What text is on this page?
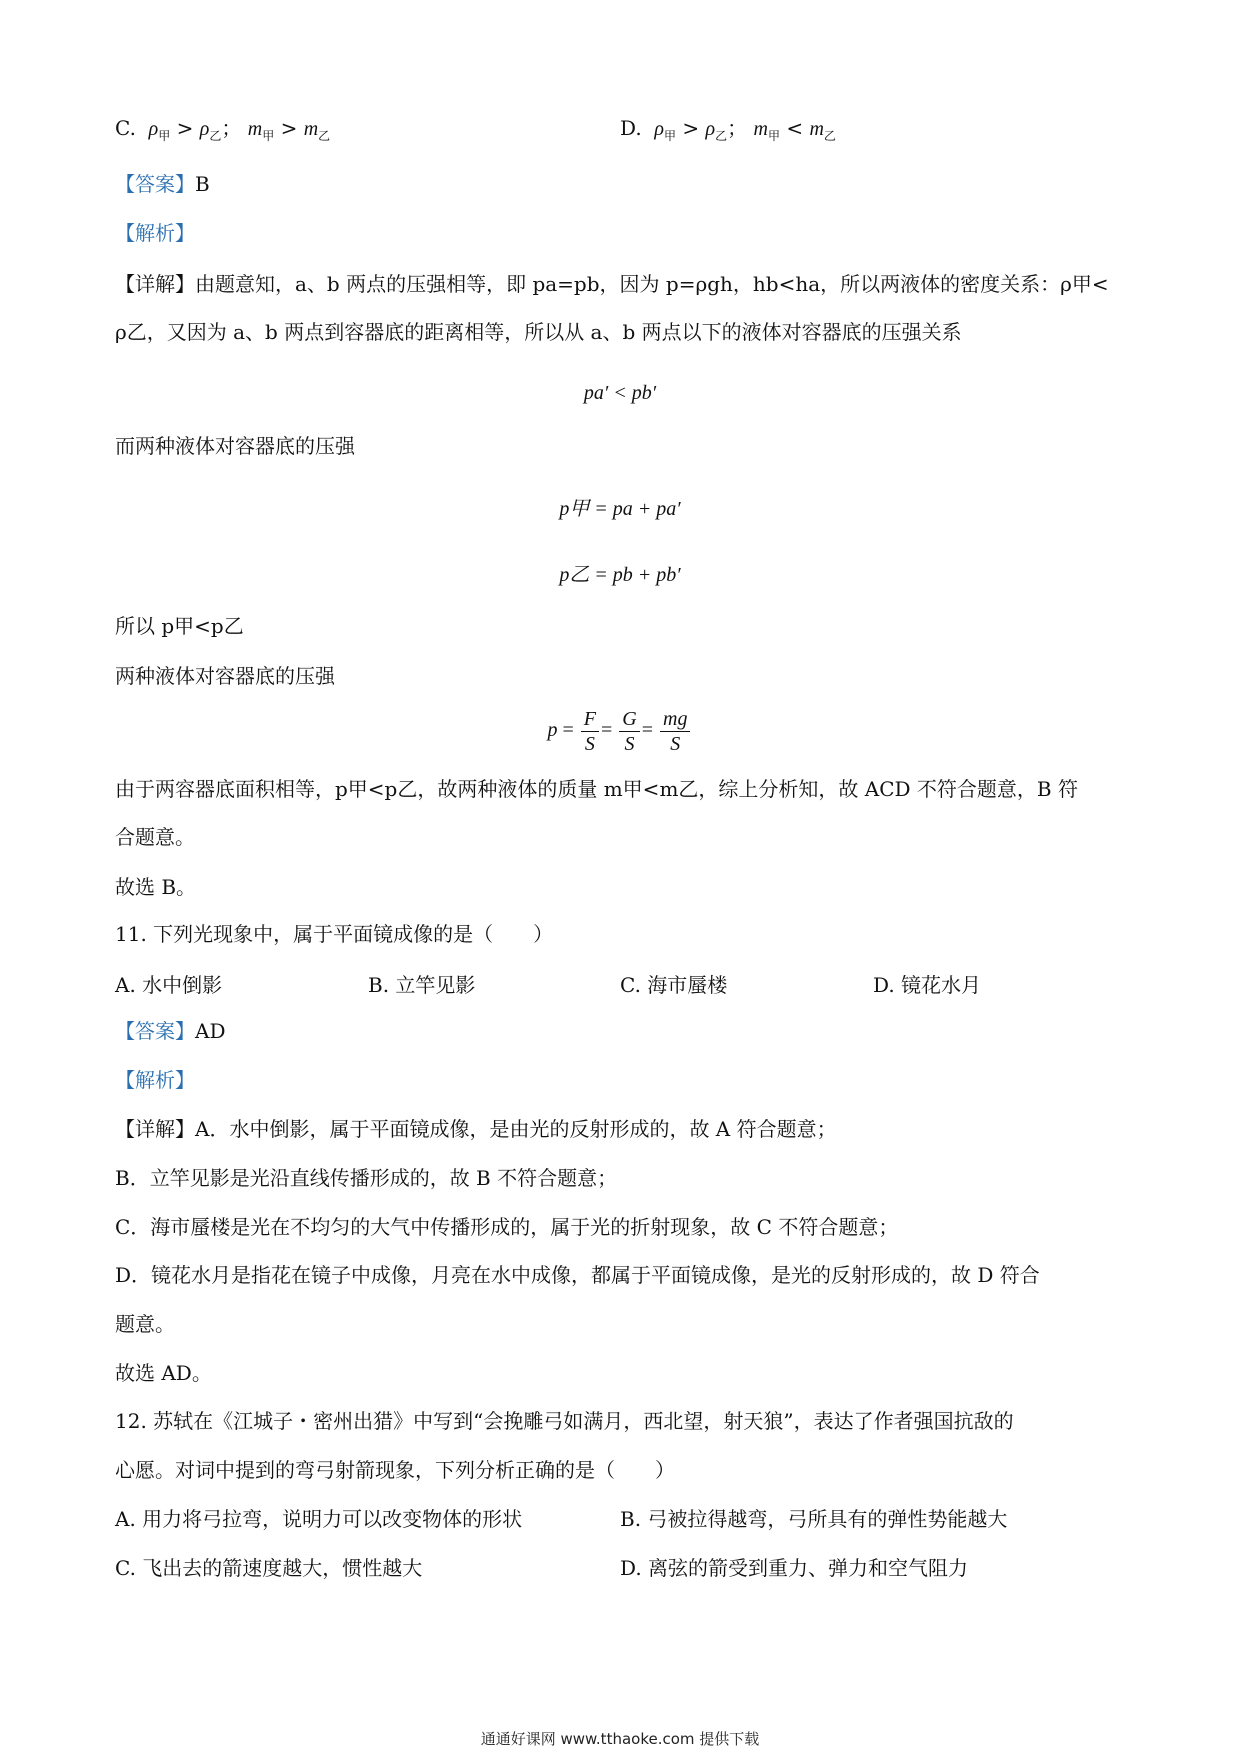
C. $\rho_甲 > \rho_乙$； $m_甲 > m_乙$	D. $\rho_甲 > \rho_乙$； $m_甲 < m_乙$
【答案】B
【解析】
【详解】由题意知，a、b 两点的压强相等，即 pa=pb，因为 p=ρgh，hb<ha，所以两液体的密度关系：ρ甲<
ρ乙，又因为 a、b 两点到容器底的距离相等，所以从 a、b 两点以下的液体对容器底的压强关系
pa′ < pb′
而两种液体对容器底的压强
p甲 = pa + pa′
p乙 = pb + pb′
所以 p甲<p乙
两种液体对容器底的压强
$p = \frac{F}{S} = \frac{G}{S} = \frac{mg}{S}$
由于两容器底面积相等，p甲<p乙，故两种液体的质量 m甲<m乙，综上分析知，故 ACD 不符合题意，B 符
合题意。
故选 B。
11. 下列光现象中，属于平面镜成像的是（　　）
A. 水中倒影	B. 立竿见影	C. 海市蜃楼	D. 镜花水月
【答案】AD
【解析】
【详解】A．水中倒影，属于平面镜成像，是由光的反射形成的，故 A 符合题意；
B．立竿见影是光沿直线传播形成的，故 B 不符合题意；
C．海市蜃楼是光在不均匀的大气中传播形成的，属于光的折射现象，故 C 不符合题意；
D．镜花水月是指花在镜子中成像，月亮在水中成像，都属于平面镜成像，是光的反射形成的，故 D 符合
题意。
故选 AD。
12. 苏轼在《江城子・密州出猎》中写到“会挽雕弓如满月，西北望，射天狼”，表达了作者强国抗敌的
心愿。对词中提到的弯弓射箭现象，下列分析正确的是（　　）
A. 用力将弓拉弯，说明力可以改变物体的形状	B. 弓被拉得越弯，弓所具有的弹性势能越大
C. 飞出去的箭速度越大，惯性越大	D. 离弦的箭受到重力、弹力和空气阻力
通通好课网 www.tthaoke.com 提供下载
